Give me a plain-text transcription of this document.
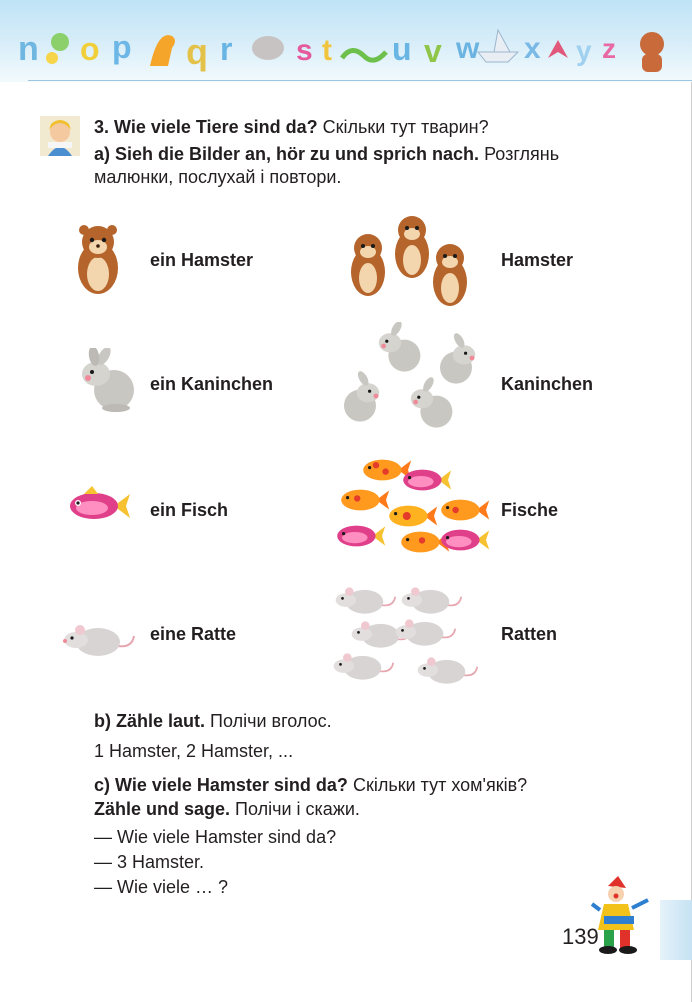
n o p q r s t u v w x y z
3. Wie viele Tiere sind da? Скільки тут тварин?
a) Sieh die Bilder an, hör zu und sprich nach. Розглянь
малюнки, послухай і повтори.
ein Hamster	Hamster
ein Kaninchen	Kaninchen
ein Fisch	Fische
eine Ratte	Ratten
b) Zähle laut. Полічи вголос.
1 Hamster, 2 Hamster, ...
c) Wie viele Hamster sind da? Скільки тут хом'яків?
Zähle und sage. Полічи і скажи.
— Wie viele Hamster sind da?
— 3 Hamster.
— Wie viele … ?
139
